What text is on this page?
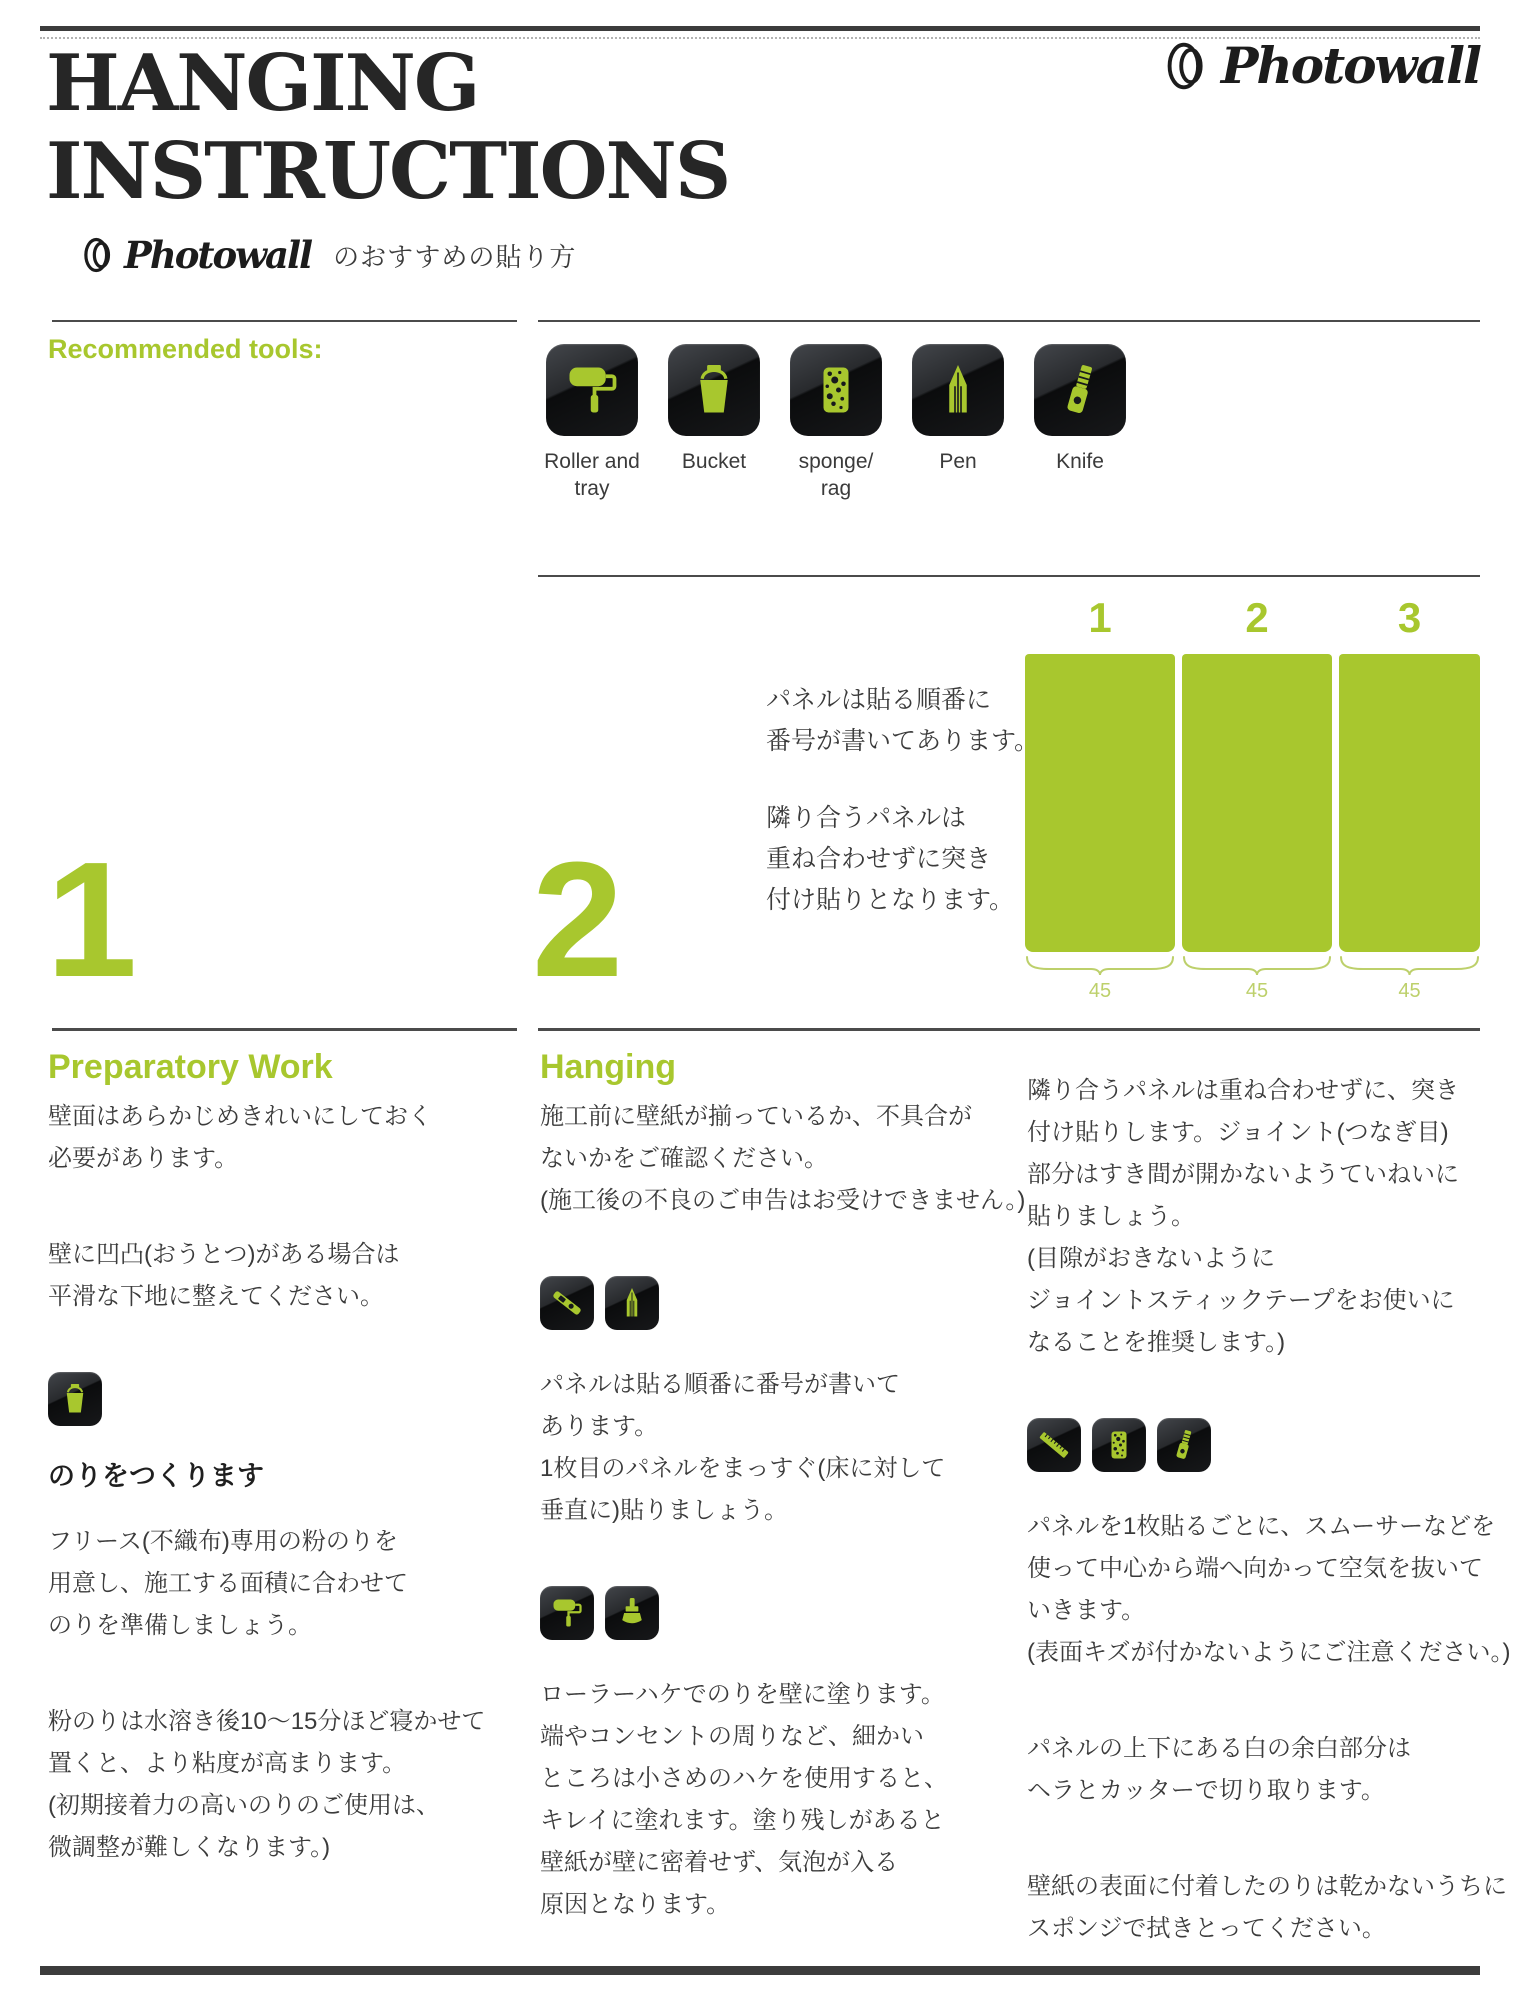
HANGING
INSTRUCTIONS
Photowall
Photowall のおすすめの貼り方
Recommended tools:
Roller and
tray
Bucket	sponge/
rag
Pen	Knife
1
45
2
45
3
45
パネルは貼る順番に
番号が書いてあります。
隣り合うパネルは
重ね合わせずに突き
付け貼りとなります。
1 2
Preparatory Work	Hanging
壁面はあらかじめきれいにしておく
必要があります。
壁に凹凸(おうとつ)がある場合は
平滑な下地に整えてください。
のりをつくります
フリース(不織布)専用の粉のりを
用意し、施工する面積に合わせて
のりを準備しましょう。
粉のりは水溶き後10〜15分ほど寝かせて
置くと、より粘度が高まります。
(初期接着力の高いのりのご使用は、
微調整が難しくなります。)
施工前に壁紙が揃っているか、不具合が
ないかをご確認ください。
(施工後の不良のご申告はお受けできません。)
パネルは貼る順番に番号が書いて
あります。
1枚目のパネルをまっすぐ(床に対して
垂直に)貼りましょう。
ローラーハケでのりを壁に塗ります。
端やコンセントの周りなど、細かい
ところは小さめのハケを使用すると、
キレイに塗れます。塗り残しがあると
壁紙が壁に密着せず、気泡が入る
原因となります。
隣り合うパネルは重ね合わせずに、突き
付け貼りします。ジョイント(つなぎ目)
部分はすき間が開かないようていねいに
貼りましょう。
(目隙がおきないように
ジョイントスティックテープをお使いに
なることを推奨します。)
パネルを1枚貼るごとに、スムーサーなどを
使って中心から端へ向かって空気を抜いて
いきます。
(表面キズが付かないようにご注意ください。)
パネルの上下にある白の余白部分は
ヘラとカッターで切り取ります。
壁紙の表面に付着したのりは乾かないうちに
スポンジで拭きとってください。
